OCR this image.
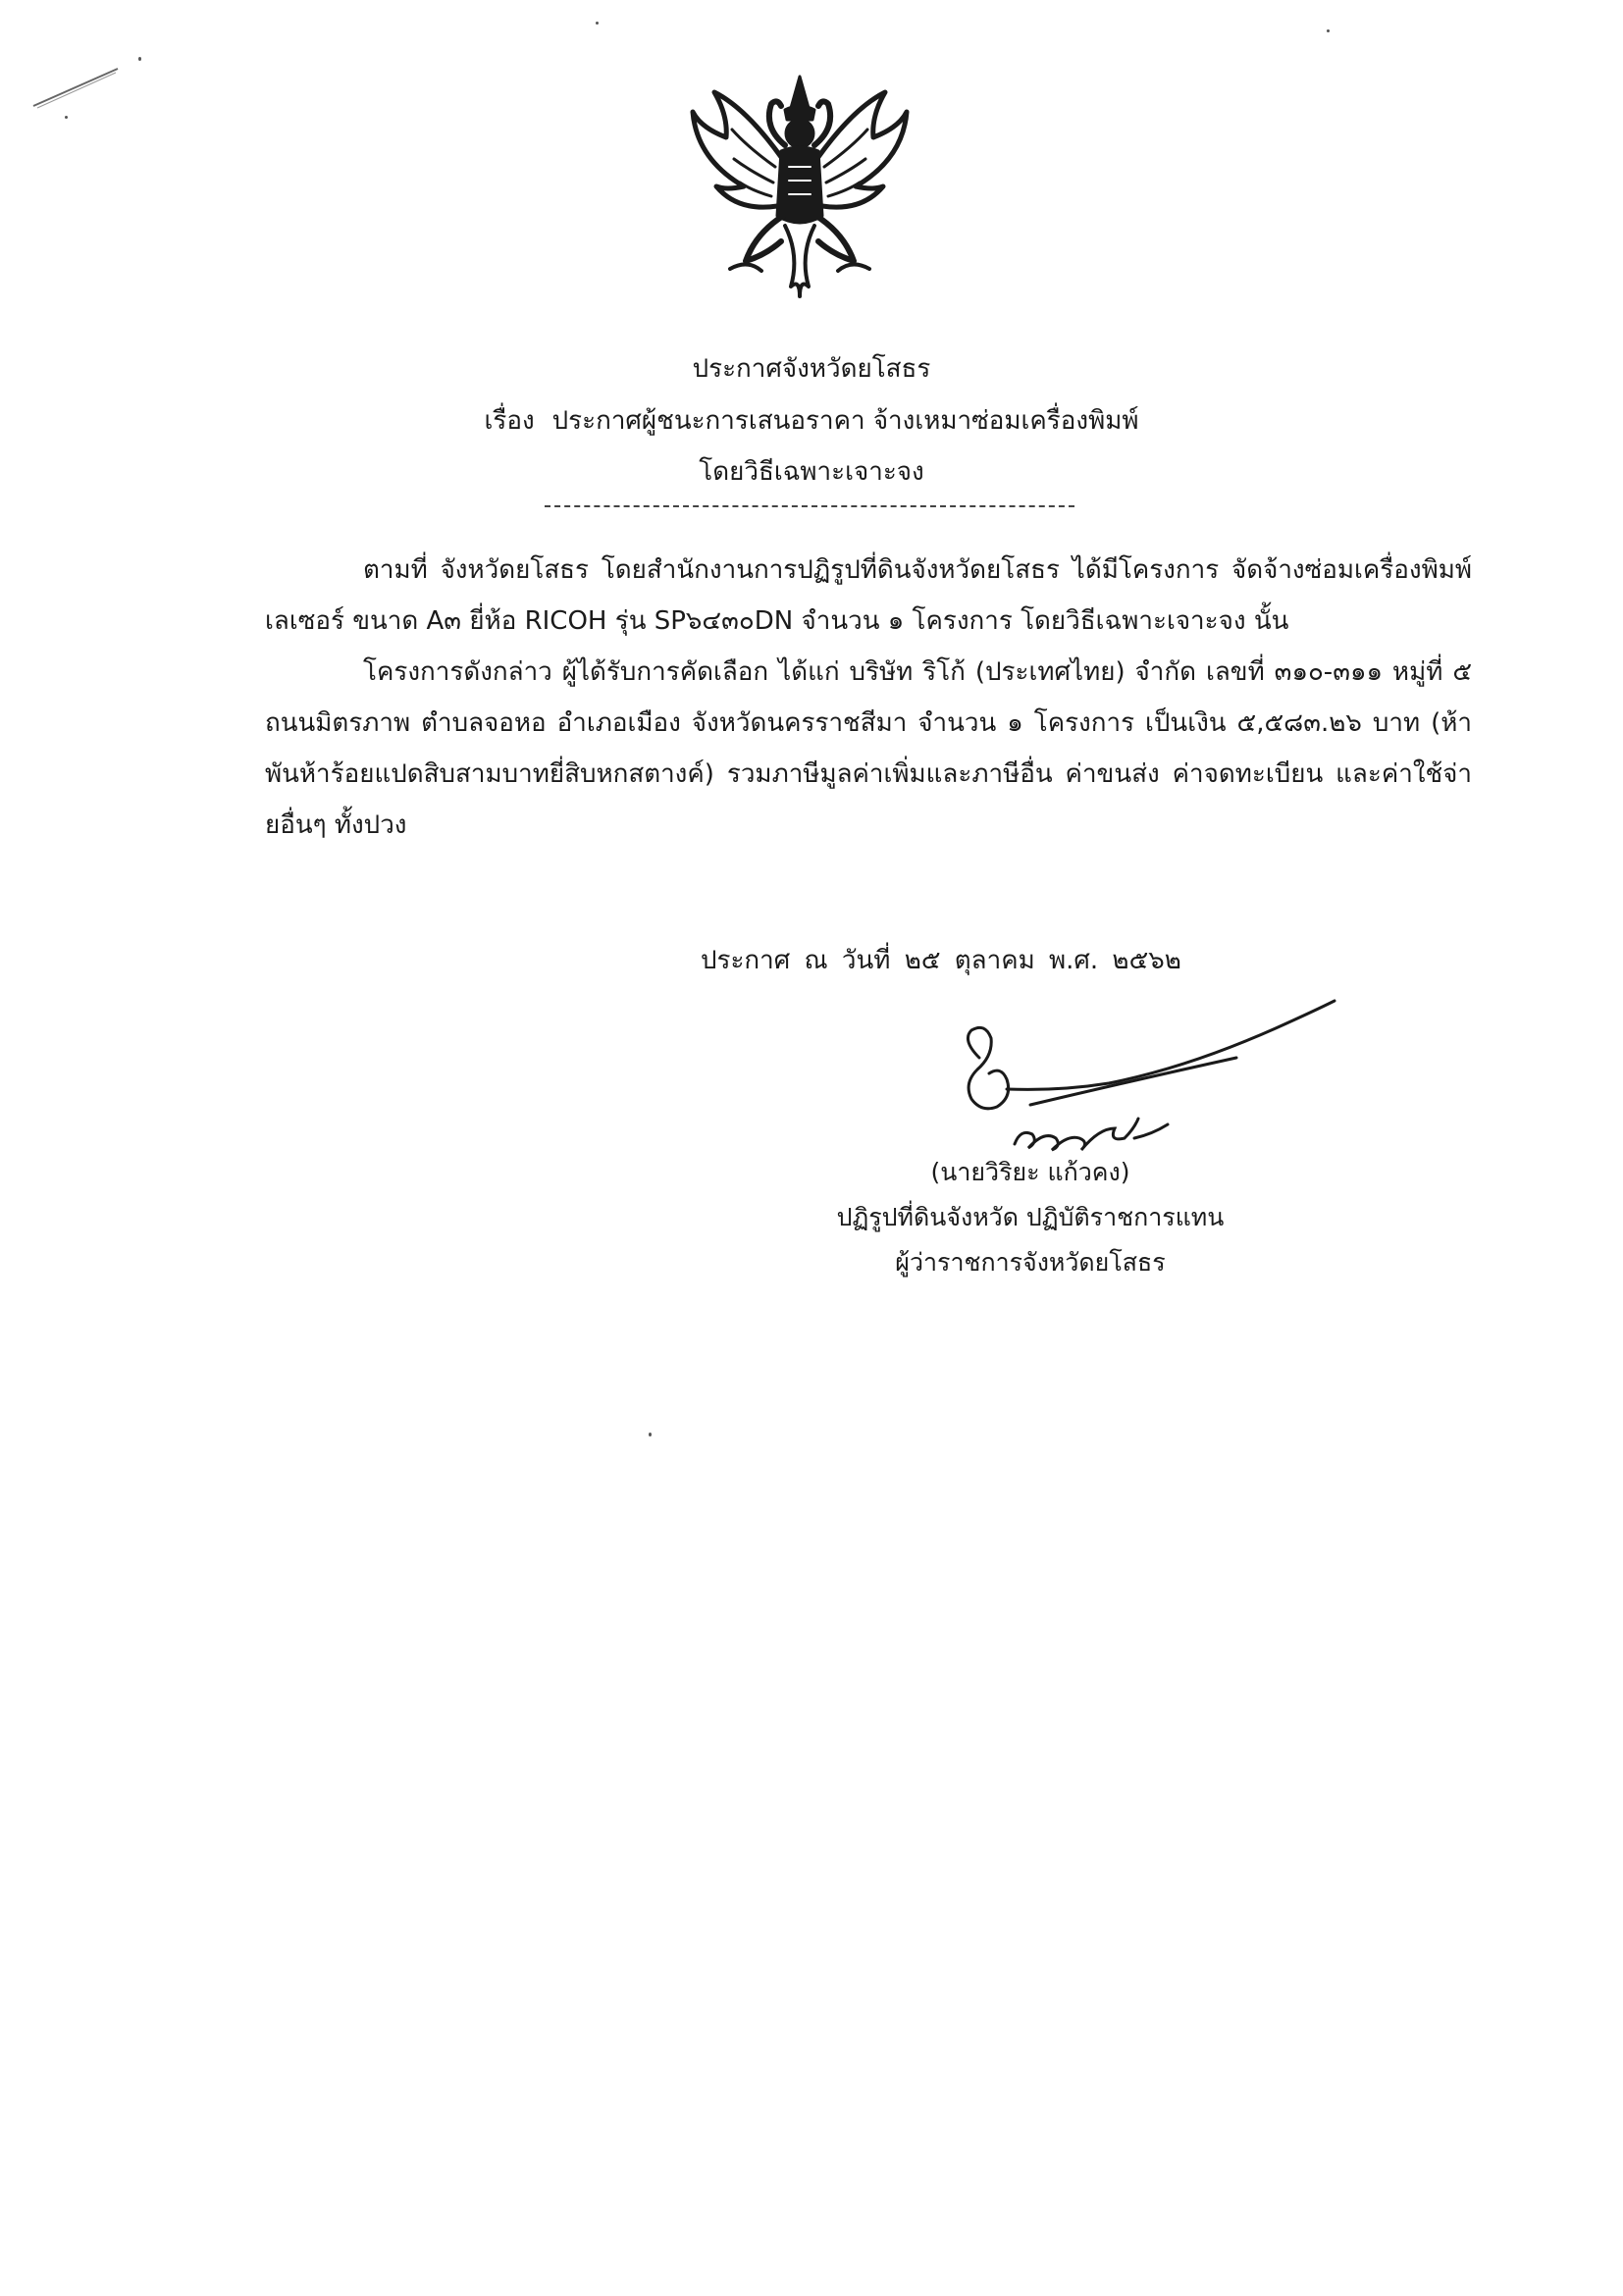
ประกาศจังหวัดยโสธร
เรื่อง ประกาศผู้ชนะการเสนอราคา จ้างเหมาซ่อมเครื่องพิมพ์
โดยวิธีเฉพาะเจาะจง
ตามที่ จังหวัดยโสธร โดยสำนักงานการปฏิรูปที่ดินจังหวัดยโสธร ได้มีโครงการ จัดจ้างซ่อมเครื่องพิมพ์เลเซอร์ ขนาด A๓ ยี่ห้อ RICOH รุ่น SP๖๔๓๐DN จำนวน ๑ โครงการ โดยวิธีเฉพาะเจาะจง นั้น
โครงการดังกล่าว ผู้ได้รับการคัดเลือก ได้แก่ บริษัท ริโก้ (ประเทศไทย) จำกัด เลขที่ ๓๑๐-๓๑๑ หมู่ที่ ๕ ถนนมิตรภาพ ตำบลจอหอ อำเภอเมือง จังหวัดนครราชสีมา จำนวน ๑ โครงการ เป็นเงิน ๕,๕๘๓.๒๖ บาท (ห้าพันห้าร้อยแปดสิบสามบาทยี่สิบหกสตางค์) รวมภาษีมูลค่าเพิ่มและภาษีอื่น ค่าขนส่ง ค่าจดทะเบียน และค่าใช้จ่ายอื่นๆ ทั้งปวง
ประกาศ ณ วันที่ ๒๕ ตุลาคม พ.ศ. ๒๕๖๒
(นายวิริยะ แก้วคง)
ปฏิรูปที่ดินจังหวัด ปฏิบัติราชการแทน
ผู้ว่าราชการจังหวัดยโสธร
